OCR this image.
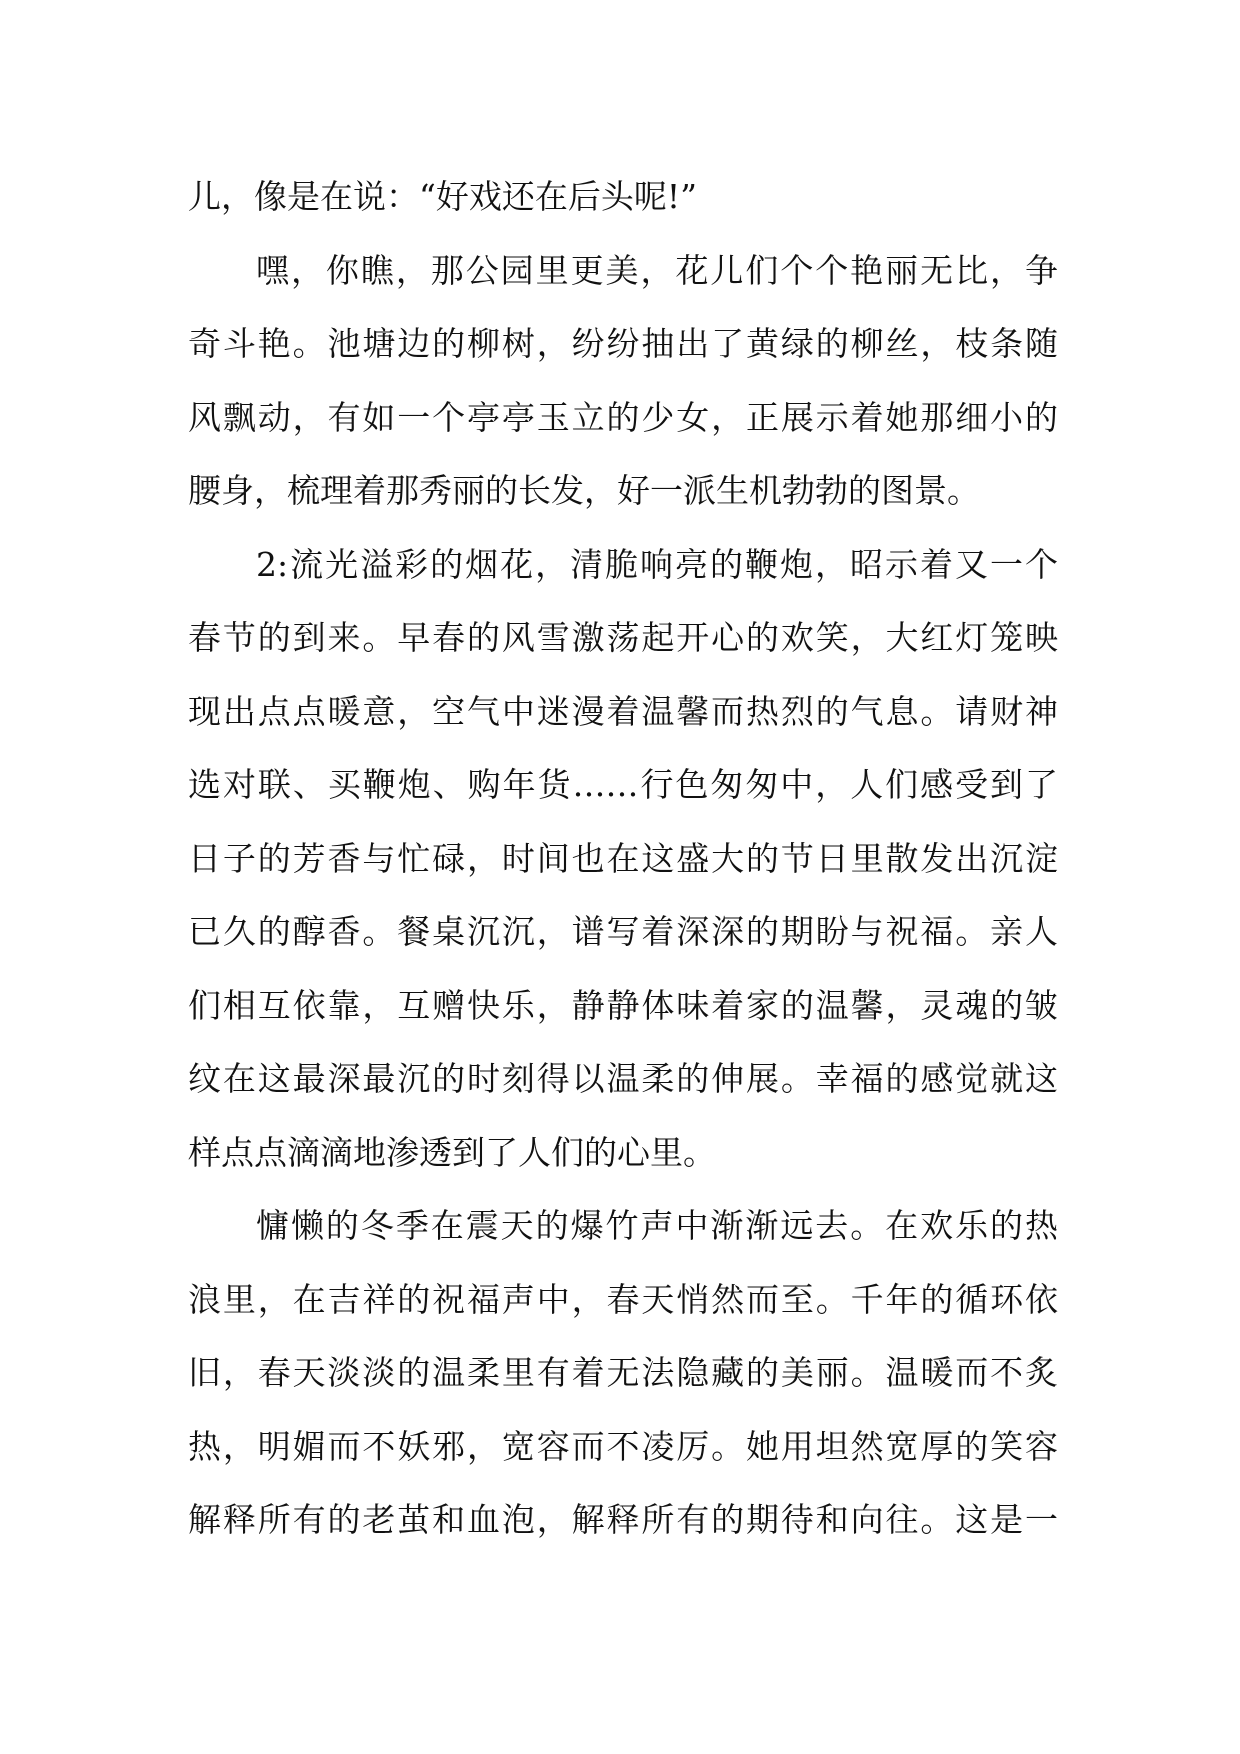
儿，像是在说：“好戏还在后头呢!”
嘿，你瞧，那公园里更美，花儿们个个艳丽无比，争
奇斗艳。池塘边的柳树，纷纷抽出了黄绿的柳丝，枝条随
风飘动，有如一个亭亭玉立的少女，正展示着她那细小的
腰身，梳理着那秀丽的长发，好一派生机勃勃的图景。
2:流光溢彩的烟花，清脆响亮的鞭炮，昭示着又一个
春节的到来。早春的风雪激荡起开心的欢笑，大红灯笼映
现出点点暖意，空气中迷漫着温馨而热烈的气息。请财神
选对联、买鞭炮、购年货……行色匆匆中，人们感受到了
日子的芳香与忙碌，时间也在这盛大的节日里散发出沉淀
已久的醇香。餐桌沉沉，谱写着深深的期盼与祝福。亲人
们相互依靠，互赠快乐，静静体味着家的温馨，灵魂的皱
纹在这最深最沉的时刻得以温柔的伸展。幸福的感觉就这
样点点滴滴地渗透到了人们的心里。
慵懒的冬季在震天的爆竹声中渐渐远去。在欢乐的热
浪里，在吉祥的祝福声中，春天悄然而至。千年的循环依
旧，春天淡淡的温柔里有着无法隐藏的美丽。温暖而不炙
热，明媚而不妖邪，宽容而不凌厉。她用坦然宽厚的笑容
解释所有的老茧和血泡，解释所有的期待和向往。这是一
